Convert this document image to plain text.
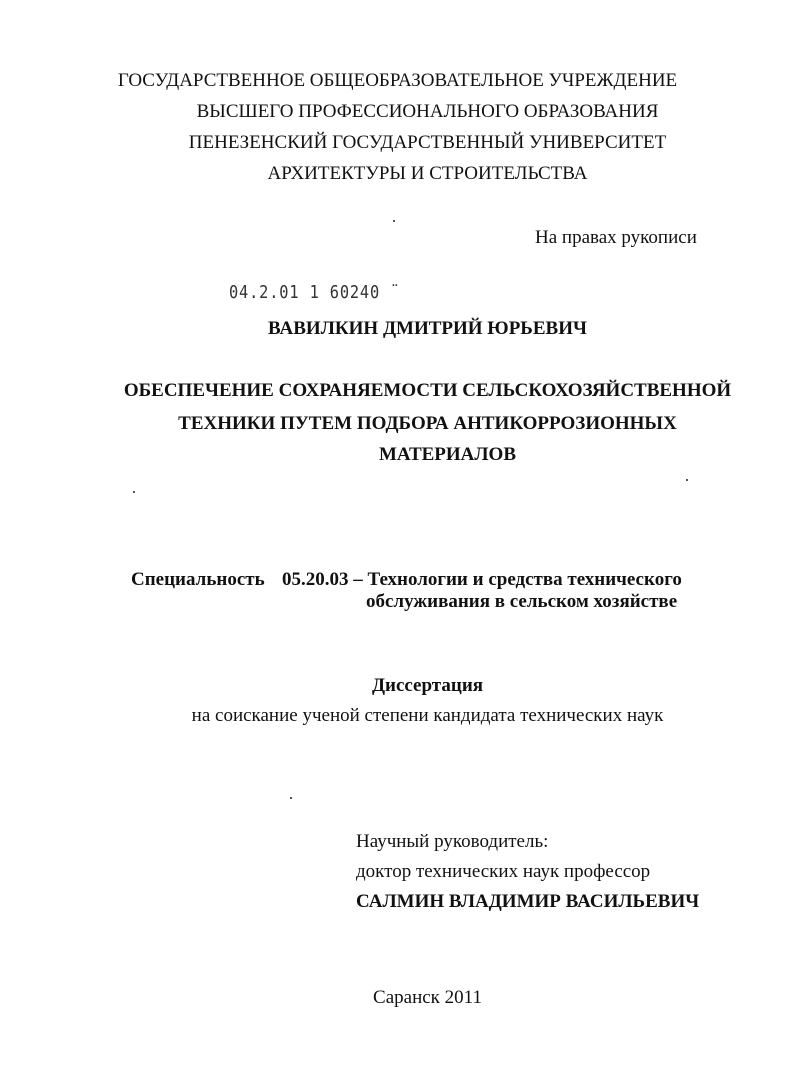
ГОСУДАРСТВЕННОЕ ОБЩЕОБРАЗОВАТЕЛЬНОЕ УЧРЕЖДЕНИЕ
ВЫСШЕГО ПРОФЕССИОНАЛЬНОГО ОБРАЗОВАНИЯ
ПЕНЕЗЕНСКИЙ ГОСУДАРСТВЕННЫЙ УНИВЕРСИТЕТ
АРХИТЕКТУРЫ И СТРОИТЕЛЬСТВА
На правах рукописи
04.2.01 1 60240 ¨
ВАВИЛКИН ДМИТРИЙ ЮРЬЕВИЧ
ОБЕСПЕЧЕНИЕ СОХРАНЯЕМОСТИ СЕЛЬСКОХОЗЯЙСТВЕННОЙ
ТЕХНИКИ ПУТЕМ ПОДБОРА АНТИКОРРОЗИОННЫХ
МАТЕРИАЛОВ
Специальность 05.20.03 – Технологии и средства технического
обслуживания в сельском хозяйстве
Диссертация
на соискание ученой степени кандидата технических наук
Научный руководитель:
доктор технических наук профессор
САЛМИН ВЛАДИМИР ВАСИЛЬЕВИЧ
Саранск 2011
